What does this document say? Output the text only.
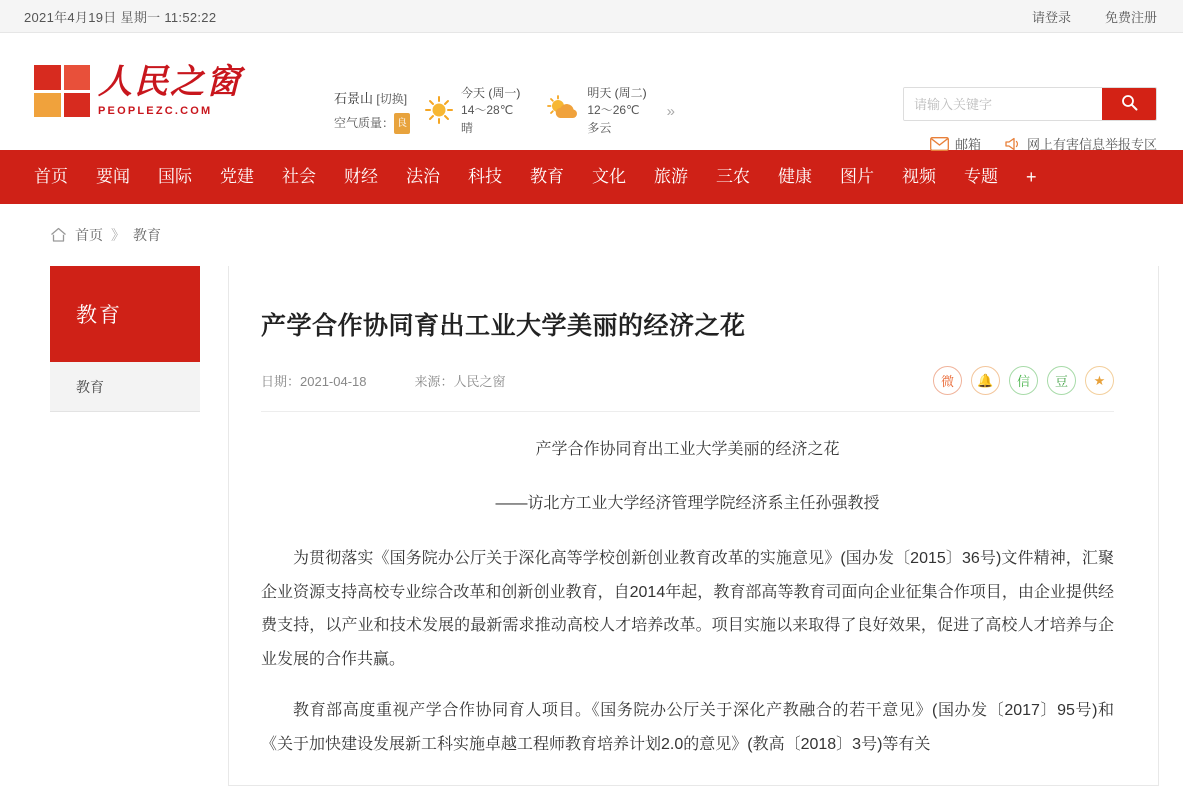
2021年4月19日 星期一 11:52:22	请登录	免费注册
人民之窗
PEOPLEZC.COM
石景山 [切换]
空气质量： 良
今天 (周一)
14～28℃
晴
明天 (周二)
12～26℃
多云
»
请输入关键字
邮箱	网上有害信息举报专区
首页	要闻	国际	党建	社会	财经	法治	科技	教育	文化	旅游	三农	健康	图片	视频	专题	+
首页 》 教育
教育
教育
产学合作协同育出工业大学美丽的经济之花
日期：2021-04-18	来源：人民之窗	微	🔔	信	豆	★
产学合作协同育出工业大学美丽的经济之花
——访北方工业大学经济管理学院经济系主任孙强教授

为贯彻落实《国务院办公厅关于深化高等学校创新创业教育改革的实施意见》(国办发〔2015〕36号)文件精神，汇聚企业资源支持高校专业综合改革和创新创业教育，自2014年起，教育部高等教育司面向企业征集合作项目，由企业提供经费支持，以产业和技术发展的最新需求推动高校人才培养改革。项目实施以来取得了良好效果，促进了高校人才培养与企业发展的合作共赢。

教育部高度重视产学合作协同育人项目。《国务院办公厅关于深化产教融合的若干意见》(国办发〔2017〕95号)和《关于加快建设发展新工科实施卓越工程师教育培养计划2.0的意见》(教高〔2018〕3号)等有关
